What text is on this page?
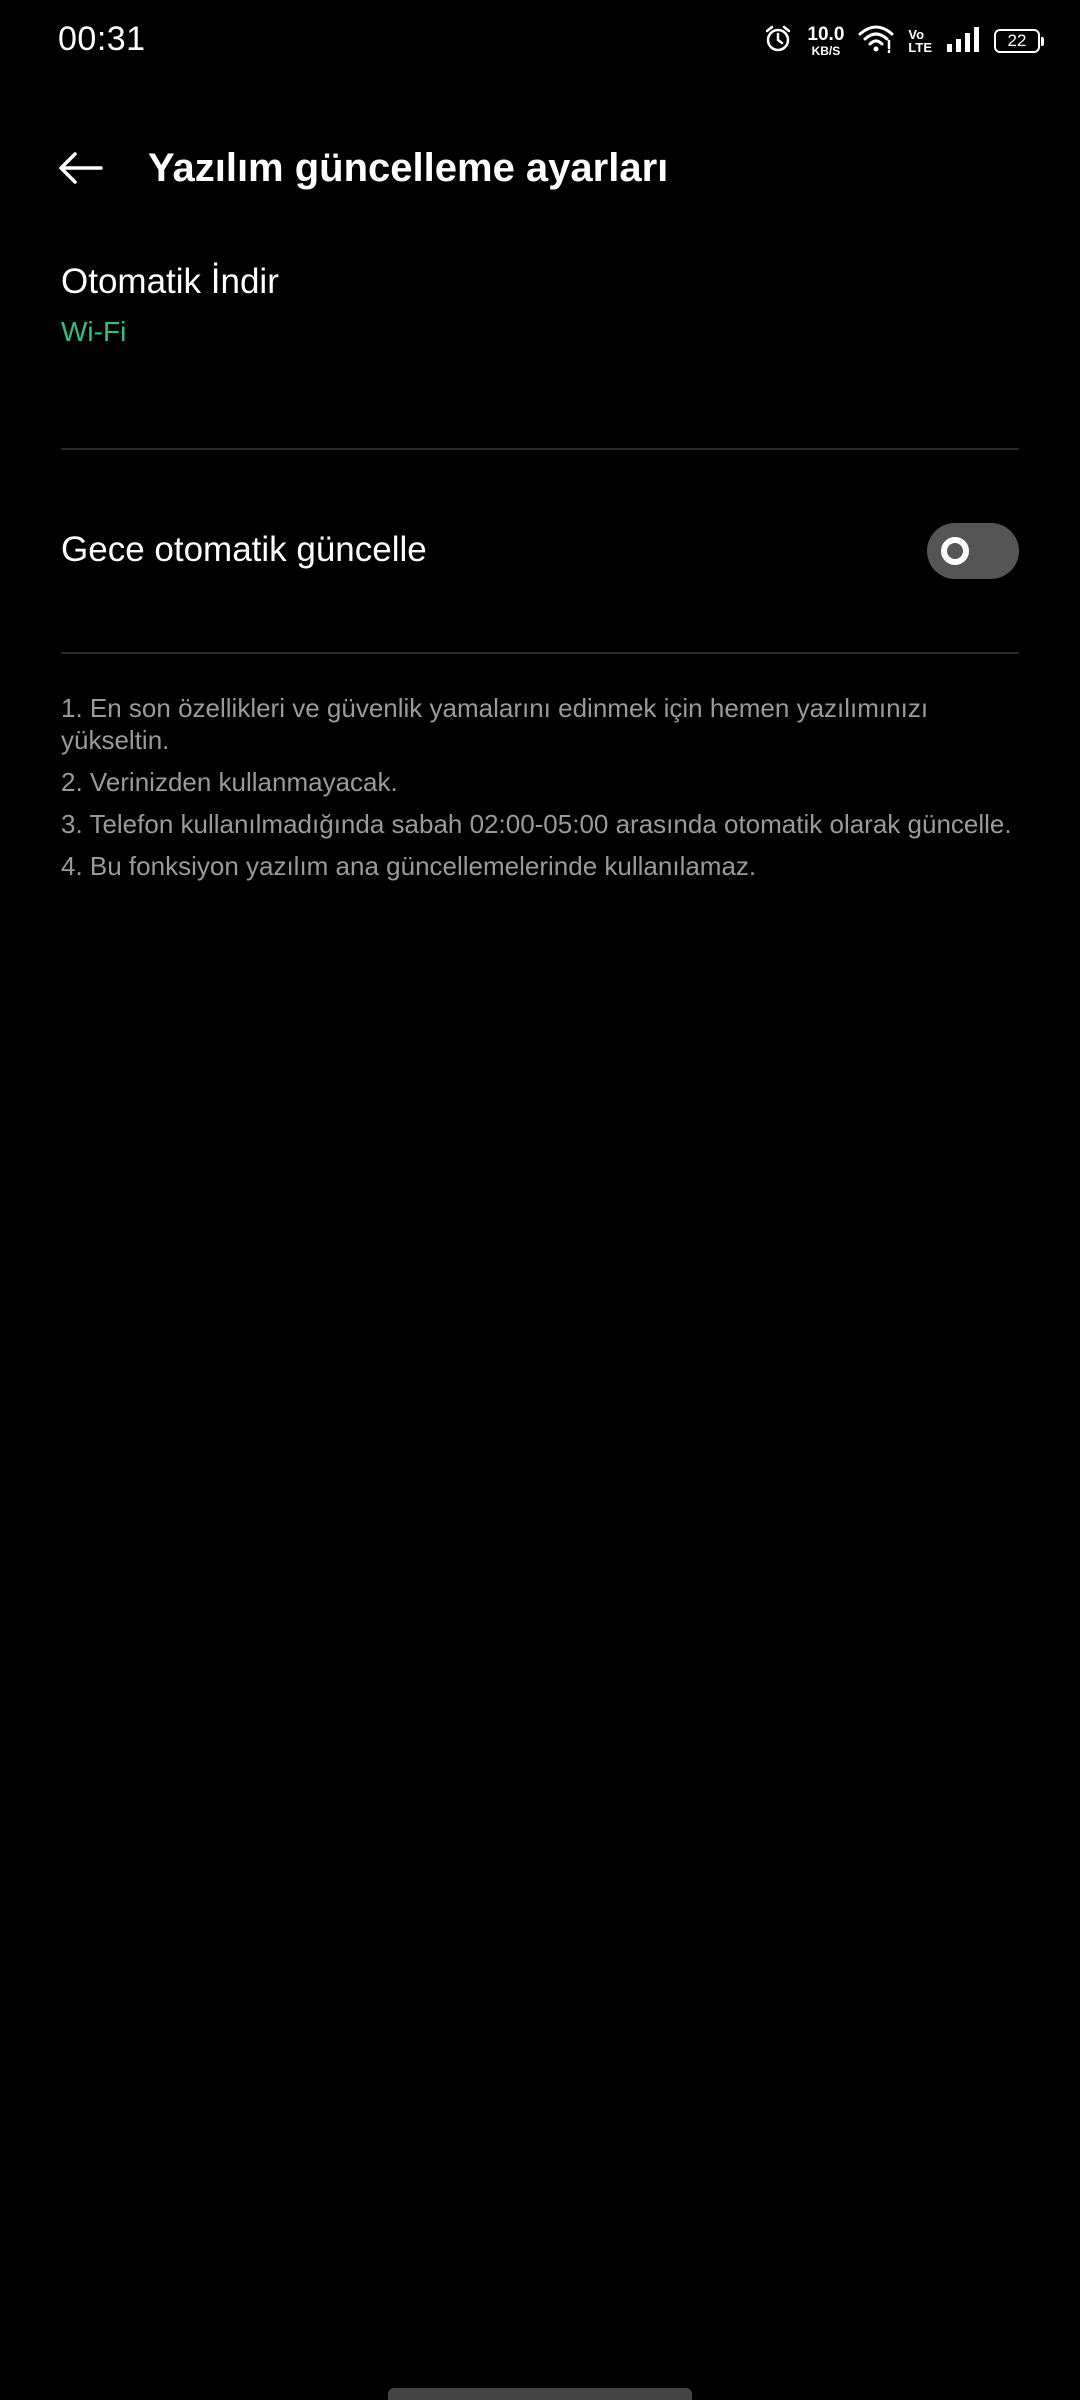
00:31	10.0
KB/S
Vo
LTE	22
Yazılım güncelleme ayarları
Otomatik İndir
Wi-Fi
Gece otomatik güncelle
1. En son özellikleri ve güvenlik yamalarını edinmek için hemen yazılımınızı yükseltin.
2. Verinizden kullanmayacak.
3. Telefon kullanılmadığında sabah 02:00-05:00 arasında otomatik olarak güncelle.
4. Bu fonksiyon yazılım ana güncellemelerinde kullanılamaz.
